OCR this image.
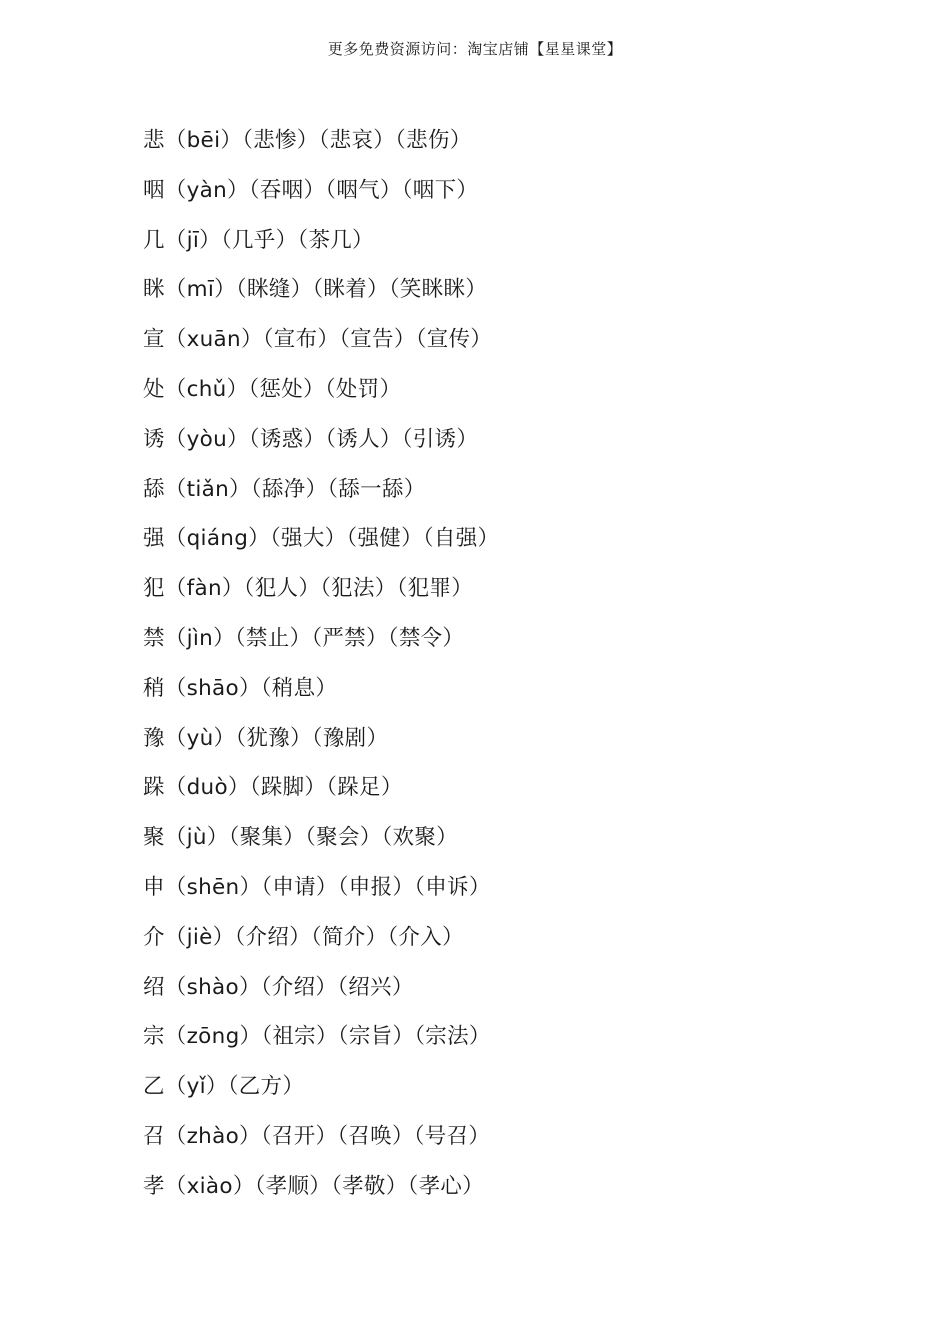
更多免费资源访问：淘宝店铺【星星课堂】
悲（bēi）（悲惨）（悲哀）（悲伤）
咽（yàn）（吞咽）（咽气）（咽下）
几（jī）（几乎）（茶几）
眯（mī）（眯缝）（眯着）（笑眯眯）
宣（xuān）（宣布）（宣告）（宣传）
处（chǔ）（惩处）（处罚）
诱（yòu）（诱惑）（诱人）（引诱）
舔（tiǎn）（舔净）（舔一舔）
强（qiáng）（强大）（强健）（自强）
犯（fàn）（犯人）（犯法）（犯罪）
禁（jìn）（禁止）（严禁）（禁令）
稍（shāo）（稍息）
豫（yù）（犹豫）（豫剧）
跺（duò）（跺脚）（跺足）
聚（jù）（聚集）（聚会）（欢聚）
申（shēn）（申请）（申报）（申诉）
介（jiè）（介绍）（简介）（介入）
绍（shào）（介绍）（绍兴）
宗（zōng）（祖宗）（宗旨）（宗法）
乙（yǐ）（乙方）
召（zhào）（召开）（召唤）（号召）
孝（xiào）（孝顺）（孝敬）（孝心）
